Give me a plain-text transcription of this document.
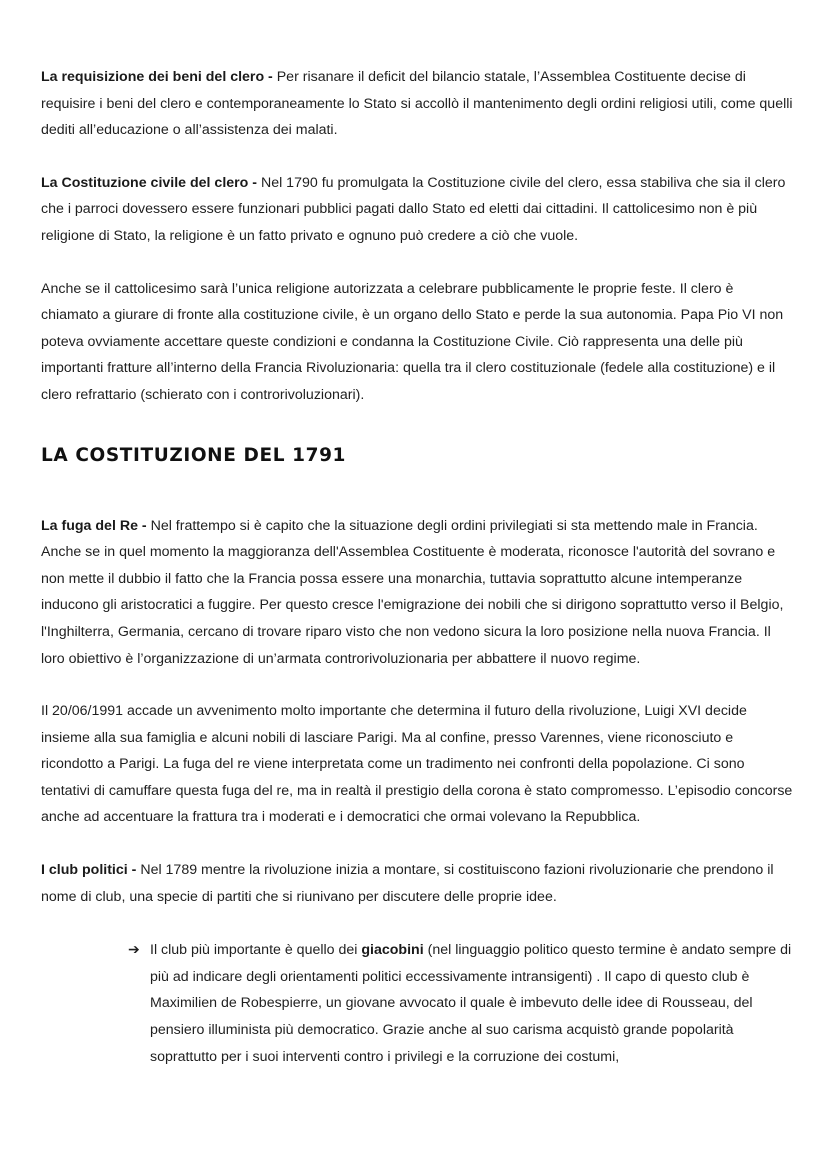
La requisizione dei beni del clero - Per risanare il deficit del bilancio statale, l’Assemblea Costituente decise di requisire i beni del clero e contemporaneamente lo Stato si accollò il mantenimento degli ordini religiosi utili, come quelli dediti all’educazione o all’assistenza dei malati.

La Costituzione civile del clero - Nel 1790 fu promulgata la Costituzione civile del clero, essa stabiliva che sia il clero che i parroci dovessero essere funzionari pubblici pagati dallo Stato ed eletti dai cittadini. Il cattolicesimo non è più religione di Stato, la religione è un fatto privato e ognuno può credere a ciò che vuole.

Anche se il cattolicesimo sarà l’unica religione autorizzata a celebrare pubblicamente le proprie feste. Il clero è chiamato a giurare di fronte alla costituzione civile, è un organo dello Stato e perde la sua autonomia. Papa Pio VI non poteva ovviamente accettare queste condizioni e condanna la Costituzione Civile. Ciò rappresenta una delle più importanti fratture all’interno della Francia Rivoluzionaria: quella tra il clero costituzionale (fedele alla costituzione) e il clero refrattario (schierato con i controrivoluzionari).

LA COSTITUZIONE DEL 1791

La fuga del Re - Nel frattempo si è capito che la situazione degli ordini privilegiati si sta mettendo male in Francia. Anche se in quel momento la maggioranza dell'Assemblea Costituente è moderata, riconosce l'autorità del sovrano e non mette il dubbio il fatto che la Francia possa essere una monarchia, tuttavia soprattutto alcune intemperanze inducono gli aristocratici a fuggire. Per questo cresce l'emigrazione dei nobili che si dirigono soprattutto verso il Belgio, l'Inghilterra, Germania, cercano di trovare riparo visto che non vedono sicura la loro posizione nella nuova Francia. Il loro obiettivo è l’organizzazione di un’armata controrivoluzionaria per abbattere il nuovo regime.

Il 20/06/1991 accade un avvenimento molto importante che determina il futuro della rivoluzione, Luigi XVI decide insieme alla sua famiglia e alcuni nobili di lasciare Parigi. Ma al confine, presso Varennes, viene riconosciuto e ricondotto a Parigi. La fuga del re viene interpretata come un tradimento nei confronti della popolazione. Ci sono tentativi di camuffare questa fuga del re, ma in realtà il prestigio della corona è stato compromesso. L’episodio concorse anche ad accentuare la frattura tra i moderati e i democratici che ormai volevano la Repubblica.

I club politici - Nel 1789 mentre la rivoluzione inizia a montare, si costituiscono fazioni rivoluzionarie che prendono il nome di club, una specie di partiti che si riunivano per discutere delle proprie idee.

➔ Il club più importante è quello dei giacobini (nel linguaggio politico questo termine è andato sempre di più ad indicare degli orientamenti politici eccessivamente intransigenti) . Il capo di questo club è Maximilien de Robespierre, un giovane avvocato il quale è imbevuto delle idee di Rousseau, del pensiero illuminista più democratico. Grazie anche al suo carisma acquistò grande popolarità soprattutto per i suoi interventi contro i privilegi e la corruzione dei costumi,
